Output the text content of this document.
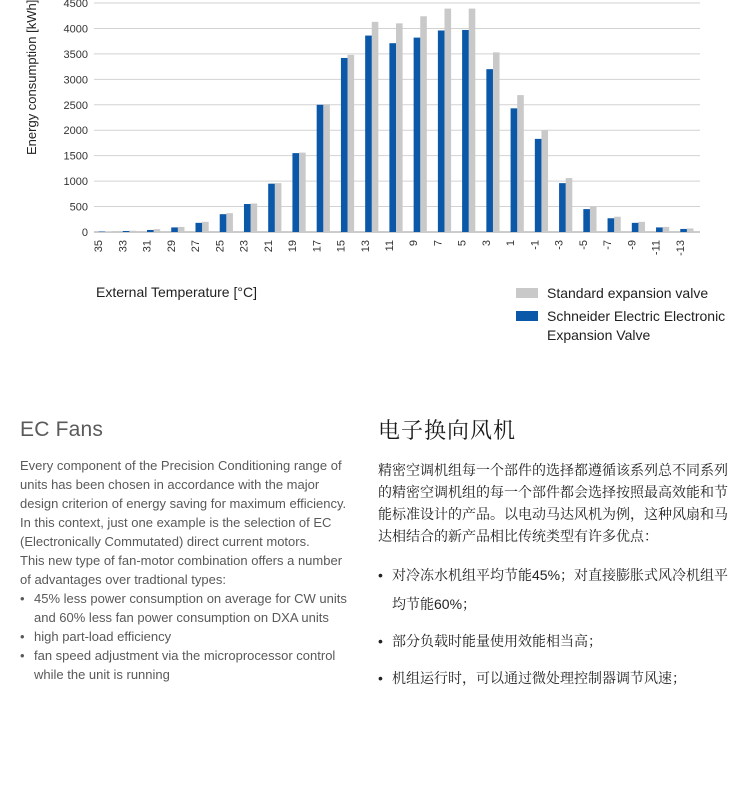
0
500
1000
1500
2000
2500
3000
3500
4000
4500
35 33 31 29 27 25 23 21 19 17 15 13 11 9 7 5 3 1 -1 -3 -5 -7 -9 -11 -13
Energy consumption [kWh]
External Temperature [°C]	Standard expansion valve
Schneider Electric Electronic Expansion Valve
EC Fans

Every component of the Precision Conditioning range of units has been chosen in accordance with the major design criterion of energy saving for maximum efficiency.

In this context, just one example is the selection of EC (Electronically Commutated) direct current motors.

This new type of fan-motor combination offers a number of advantages over tradtional types:

• 45% less power consumption on average for CW units and 60% less fan power consumption on DXA units
• high part-load efficiency
• fan speed adjustment via the microprocessor control while the unit is running
电子换向风机

精密空调机组每一个部件的选择都遵循该系列总不同系列的精密空调机组的每一个部件都会选择按照最高效能和节能标准设计的产品。以电动马达风机为例，这种风扇和马达相结合的新产品相比传统类型有许多优点：

• 对冷冻水机组平均节能45%；对直接膨胀式风冷机组平均节能60%；
• 部分负载时能量使用效能相当高；
• 机组运行时，可以通过微处理控制器调节风速；
